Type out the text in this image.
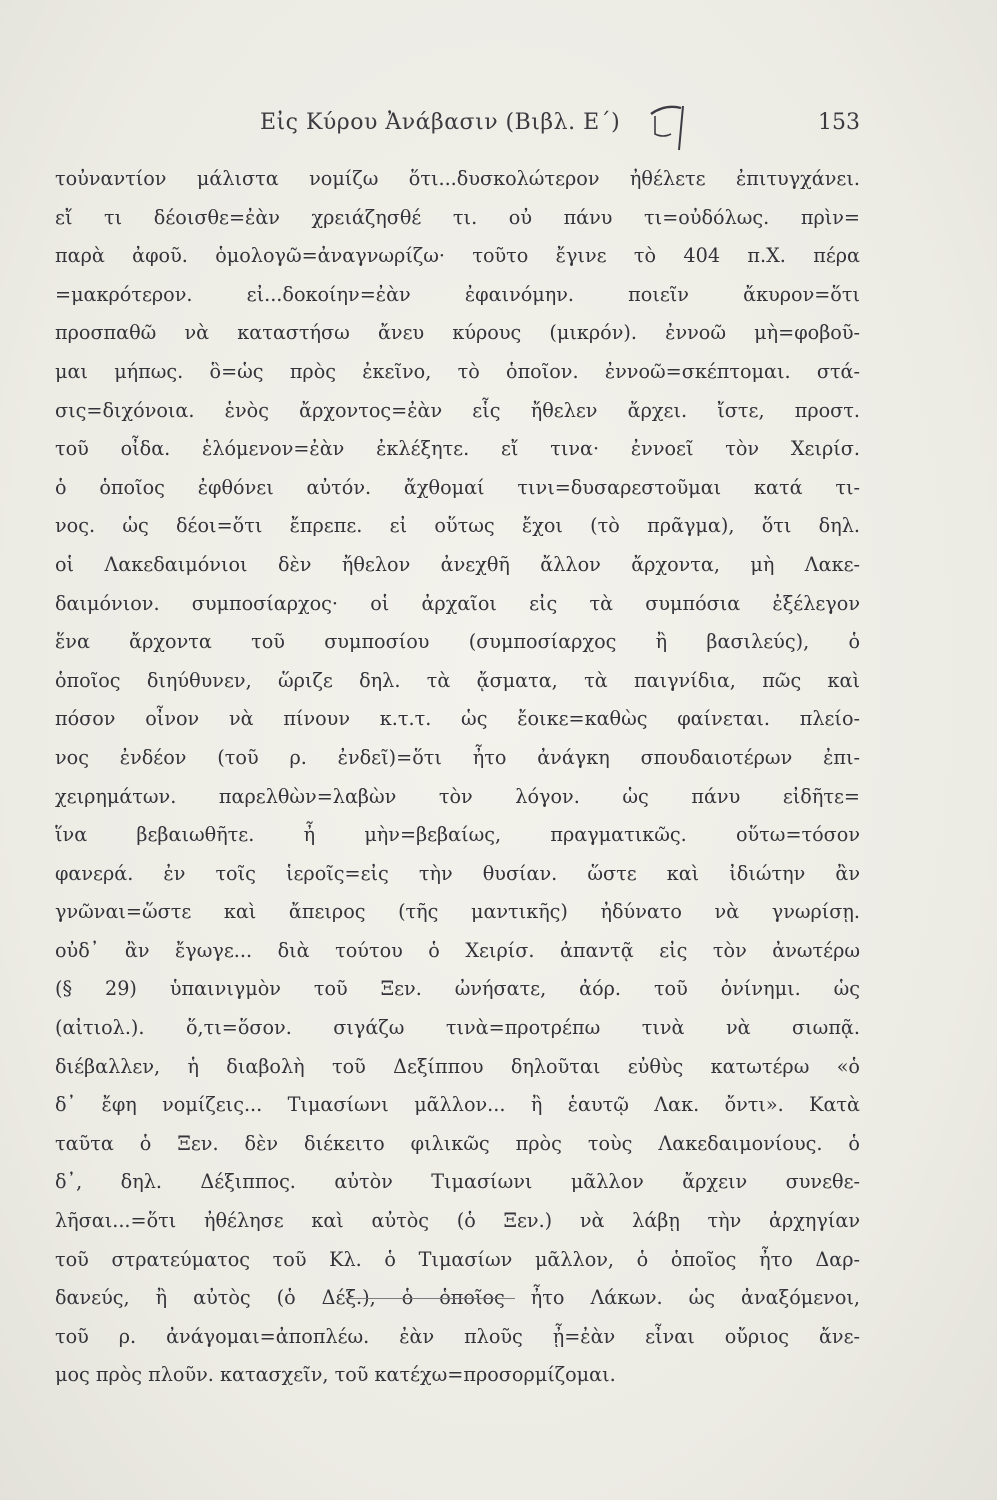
Εἰς Κύρου Ἀνάβασιν (Βιβλ. Ε΄)	153
τοὐναντίον μάλιστα νομίζω ὅτι...δυσκολώτερον ἠθέλετε ἐπιτυγχάνει.
εἴ τι δέοισθε=ἐὰν χρειάζησθέ τι. οὐ πάνυ τι=οὐδόλως. πρὶν=
παρὰ ἀφοῦ. ὁμολογῶ=ἀναγνωρίζω· τοῦτο ἔγινε τὸ 404 π.Χ. πέρα
=μακρότερον. εἰ...δοκοίην=ἐὰν ἐφαινόμην. ποιεῖν ἄκυρον=ὅτι
προσπαθῶ νὰ καταστήσω ἄνευ κύρους (μικρόν). ἐννοῶ μὴ=φοβοῦ-
μαι μήπως. ὃ=ὡς πρὸς ἐκεῖνο, τὸ ὁποῖον. ἐννοῶ=σκέπτομαι. στά-
σις=διχόνοια. ἑνὸς ἄρχοντος=ἐὰν εἷς ἤθελεν ἄρχει. ἴστε, προστ.
τοῦ οἶδα. ἑλόμενον=ἐὰν ἐκλέξητε. εἴ τινα· ἐννοεῖ τὸν Χειρίσ.
ὁ ὁποῖος ἐφθόνει αὐτόν. ἄχθομαί τινι=δυσαρεστοῦμαι κατά τι-
νος. ὡς δέοι=ὅτι ἔπρεπε. εἰ οὕτως ἔχοι (τὸ πρᾶγμα), ὅτι δηλ.
οἱ Λακεδαιμόνιοι δὲν ἤθελον ἀνεχθῆ ἄλλον ἄρχοντα, μὴ Λακε-
δαιμόνιον. συμποσίαρχος· οἱ ἀρχαῖοι εἰς τὰ συμπόσια ἐξέλεγον
ἕνα ἄρχοντα τοῦ συμποσίου (συμποσίαρχος ἢ βασιλεύς), ὁ
ὁποῖος διηύθυνεν, ὥριζε δηλ. τὰ ᾄσματα, τὰ παιγνίδια, πῶς καὶ
πόσον οἶνον νὰ πίνουν κ.τ.τ. ὡς ἔοικε=καθὼς φαίνεται. πλείο-
νος ἐνδέον (τοῦ ρ. ἐνδεῖ)=ὅτι ἦτο ἀνάγκη σπουδαιοτέρων ἐπι-
χειρημάτων. παρελθὼν=λαβὼν τὸν λόγον. ὡς πάνυ εἰδῆτε=
ἵνα βεβαιωθῆτε. ἦ μὴν=βεβαίως, πραγματικῶς. οὕτω=τόσον
φανερά. ἐν τοῖς ἱεροῖς=εἰς τὴν θυσίαν. ὥστε καὶ ἰδιώτην ἂν
γνῶναι=ὥστε καὶ ἄπειρος (τῆς μαντικῆς) ἠδύνατο νὰ γνωρίσῃ.
οὐδ᾽ ἂν ἔγωγε... διὰ τούτου ὁ Χειρίσ. ἀπαντᾷ εἰς τὸν ἀνωτέρω
(§ 29) ὑπαινιγμὸν τοῦ Ξεν. ὠνήσατε, ἀόρ. τοῦ ὀνίνημι. ὡς
(αἰτιολ.). ὅ,τι=ὅσον. σιγάζω τινὰ=προτρέπω τινὰ νὰ σιωπᾷ.
διέβαλλεν, ἡ διαβολὴ τοῦ Δεξίππου δηλοῦται εὐθὺς κατωτέρω «ὁ
δ᾽ ἔφη νομίζεις... Τιμασίωνι μᾶλλον... ἢ ἑαυτῷ Λακ. ὄντι». Κατὰ
ταῦτα ὁ Ξεν. δὲν διέκειτο φιλικῶς πρὸς τοὺς Λακεδαιμονίους. ὁ
δ᾽, δηλ. Δέξιππος. αὐτὸν Τιμασίωνι μᾶλλον ἄρχειν συνεθε-
λῆσαι...=ὅτι ἠθέλησε καὶ αὐτὸς (ὁ Ξεν.) νὰ λάβῃ τὴν ἀρχηγίαν
τοῦ στρατεύματος τοῦ Κλ. ὁ Τιμασίων μᾶλλον, ὁ ὁποῖος ἦτο Δαρ-
δανεύς, ἢ αὐτὸς (ὁ Δέξ.), ὁ ὁποῖος ἦτο Λάκων. ὡς ἀναξόμενοι,
τοῦ ρ. ἀνάγομαι=ἀποπλέω. ἐὰν πλοῦς ᾖ=ἐὰν εἶναι οὔριος ἄνε-
μος πρὸς πλοῦν. κατασχεῖν, τοῦ κατέχω=προσορμίζομαι.
